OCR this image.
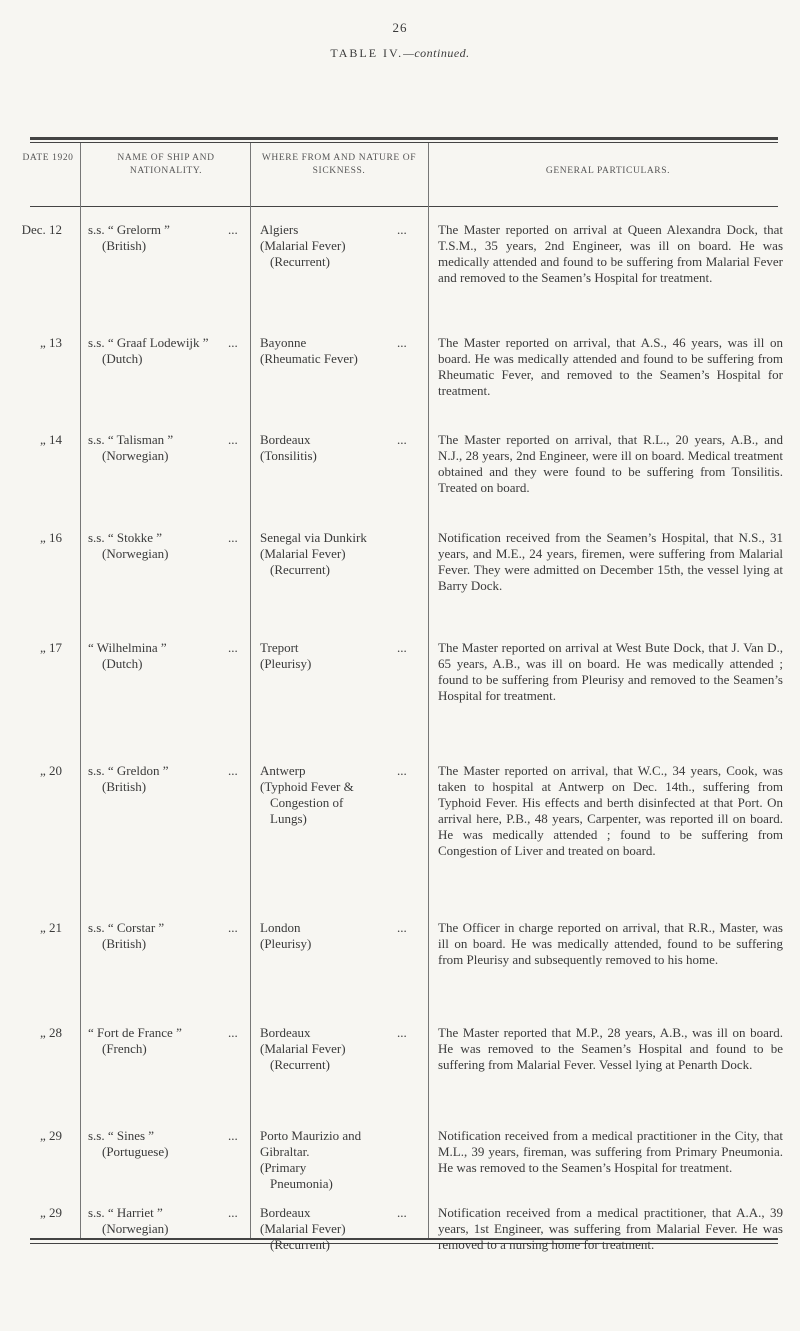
26
TABLE IV.—continued.
DATE 1920	NAME OF SHIP AND NATIONALITY.
WHERE FROM AND NATURE OF SICKNESS.	GENERAL PARTICULARS.
Dec. 12 s.s. “ Grelorm ”
(British)
... Algiers
(Malarial Fever)
(Recurrent)
... The Master reported on arrival at Queen Alexandra Dock, that T.S.M., 35 years, 2nd Engineer, was ill on board. He was medically attended and found to be suffering from Malarial Fever and removed to the Seamen’s Hospital for treatment.
„ 13 s.s. “ Graaf Lodewijk ”
(Dutch)
... Bayonne
(Rheumatic Fever)
... The Master reported on arrival, that A.S., 46 years, was ill on board. He was medically attended and found to be suffering from Rheumatic Fever, and removed to the Seamen’s Hospital for treatment.
„ 14 s.s. “ Talisman ”
(Norwegian)
... Bordeaux
(Tonsilitis)
... The Master reported on arrival, that R.L., 20 years, A.B., and N.J., 28 years, 2nd Engineer, were ill on board. Medical treatment obtained and they were found to be suffering from Tonsilitis. Treated on board.
„ 16 s.s. “ Stokke ”
(Norwegian)
... Senegal via Dunkirk
(Malarial Fever)
(Recurrent)
Notification received from the Seamen’s Hospital, that N.S., 31 years, and M.E., 24 years, firemen, were suffering from Malarial Fever. They were admitted on December 15th, the vessel lying at Barry Dock.
„ 17 “ Wilhelmina ”
(Dutch)
... Treport
(Pleurisy)
... The Master reported on arrival at West Bute Dock, that J. Van D., 65 years, A.B., was ill on board. He was medically attended ; found to be suffering from Pleurisy and removed to the Seamen’s Hospital for treatment.
„ 20 s.s. “ Greldon ”
(British)
... Antwerp
(Typhoid Fever &
Congestion of
Lungs)
... The Master reported on arrival, that W.C., 34 years, Cook, was taken to hospital at Antwerp on Dec. 14th., suffering from Typhoid Fever. His effects and berth disinfected at that Port. On arrival here, P.B., 48 years, Carpenter, was reported ill on board. He was medically attended ; found to be suffering from Congestion of Liver and treated on board.
„ 21 s.s. “ Corstar ”
(British)
... London
(Pleurisy)
... The Officer in charge reported on arrival, that R.R., Master, was ill on board. He was medically attended, found to be suffering from Pleurisy and subsequently removed to his home.
„ 28 “ Fort de France ”
(French)
... Bordeaux
(Malarial Fever)
(Recurrent)
... The Master reported that M.P., 28 years, A.B., was ill on board. He was removed to the Seamen’s Hospital and found to be suffering from Malarial Fever. Vessel lying at Penarth Dock.
„ 29 s.s. “ Sines ”
(Portuguese)
... Porto Maurizio and Gibraltar.
(Primary
Pneumonia)
Notification received from a medical practitioner in the City, that M.L., 39 years, fireman, was suffering from Primary Pneumonia. He was removed to the Seamen’s Hospital for treatment.
„ 29 s.s. “ Harriet ”
(Norwegian)
... Bordeaux
(Malarial Fever)
(Recurrent)
... Notification received from a medical practitioner, that A.A., 39 years, 1st Engineer, was suffering from Malarial Fever. He was removed to a nursing home for treatment.
